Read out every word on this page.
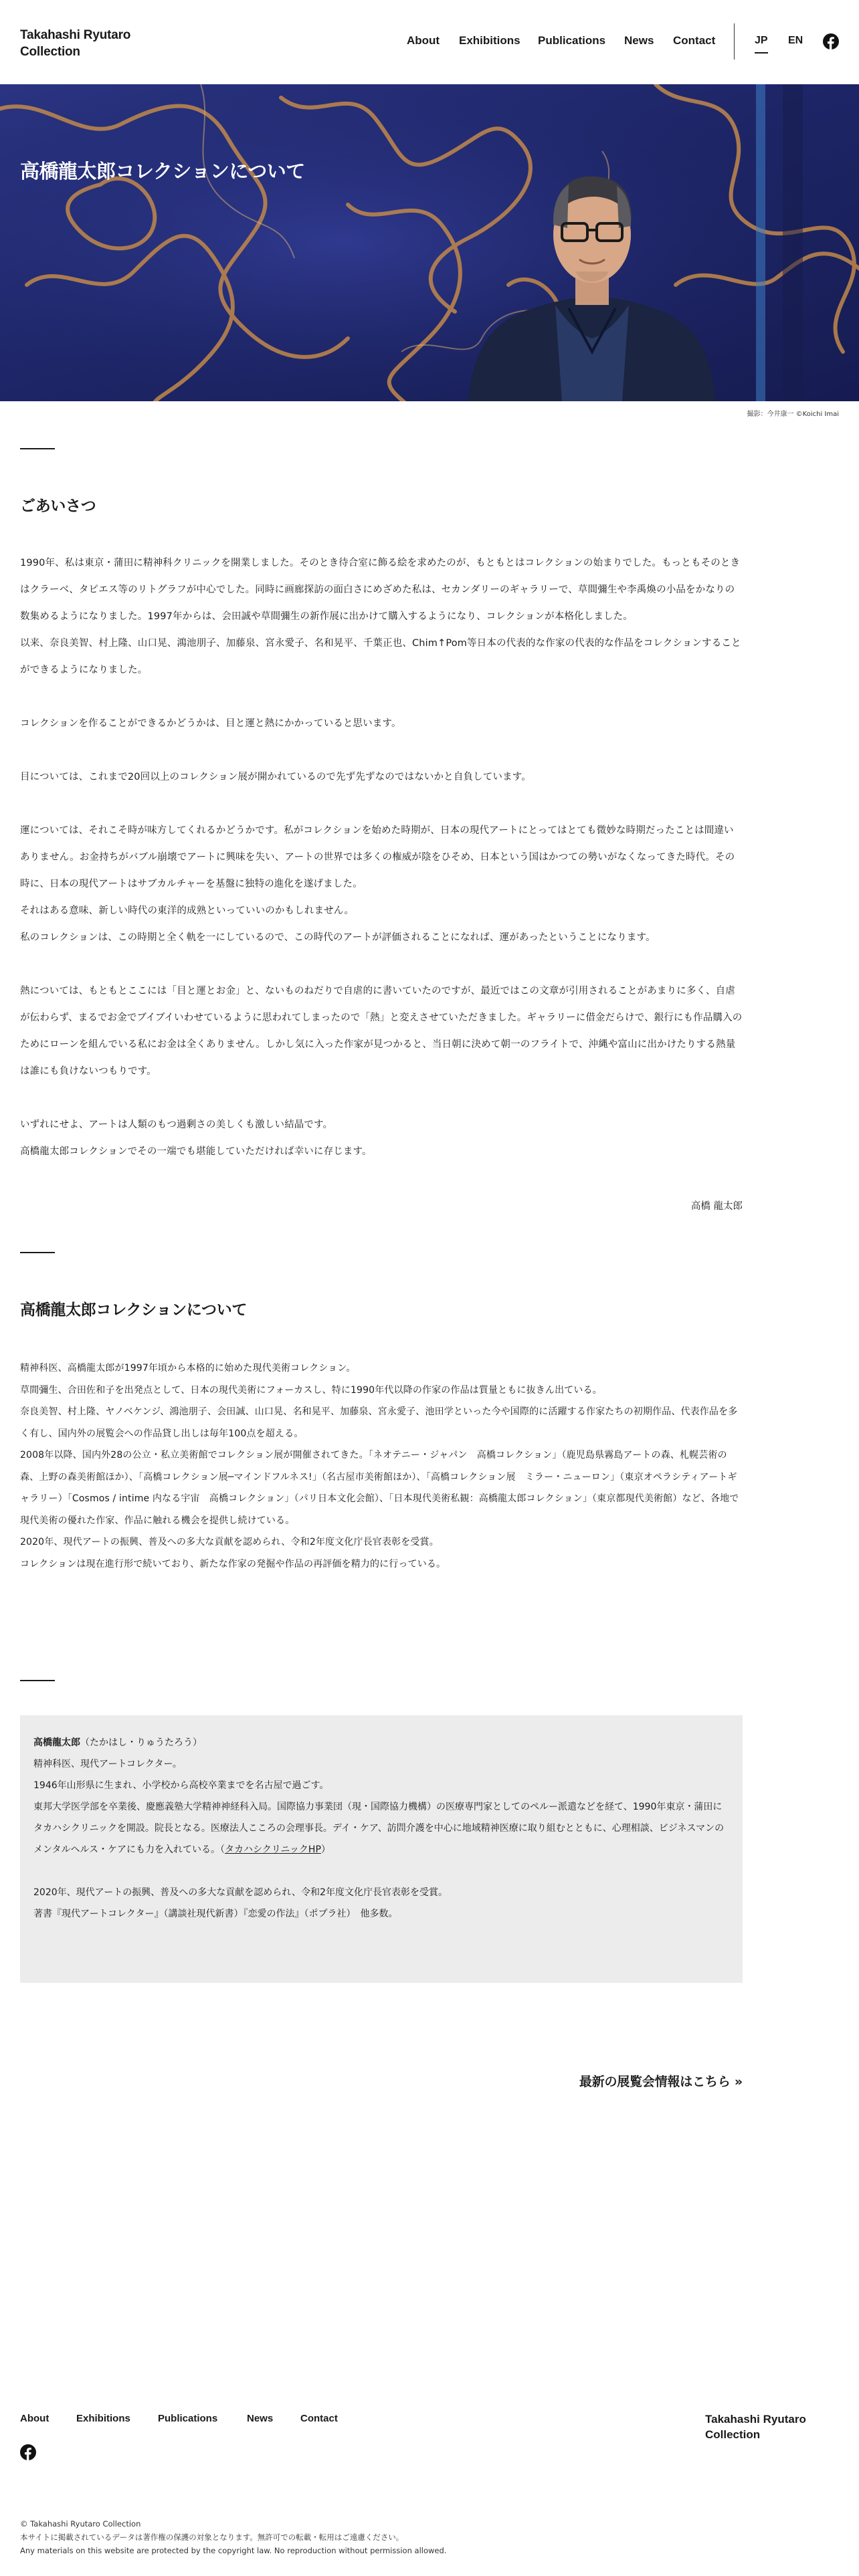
Takahashi Ryutaro
Collection
About Exhibitions Publications News Contact	JP EN
高橋龍太郎コレクションについて
撮影：今井康一 ©Koichi Imai
ごあいさつ

1990年、私は東京・蒲田に精神科クリニックを開業しました。そのとき待合室に飾る絵を求めたのが、もともとはコレクションの始まりでした。もっともそのときはクラーベ、タピエス等のリトグラフが中心でした。同時に画廊探訪の面白さにめざめた私は、セカンダリーのギャラリーで、草間彌生や李禹煥の小品をかなりの数集めるようになりました。1997年からは、会田誠や草間彌生の新作展に出かけて購入するようになり、コレクションが本格化しました。

以来、奈良美智、村上隆、山口晃、鴻池朋子、加藤泉、宮永愛子、名和晃平、千葉正也、Chim↑Pom等日本の代表的な作家の代表的な作品をコレクションすることができるようになりました。

コレクションを作ることができるかどうかは、目と運と熱にかかっていると思います。

目については、これまで20回以上のコレクション展が開かれているので先ず先ずなのではないかと自負しています。

運については、それこそ時が味方してくれるかどうかです。私がコレクションを始めた時期が、日本の現代アートにとってはとても微妙な時期だったことは間違いありません。お金持ちがバブル崩壊でアートに興味を失い、アートの世界では多くの権威が陰をひそめ、日本という国はかつての勢いがなくなってきた時代。その時に、日本の現代アートはサブカルチャーを基盤に独特の進化を遂げました。

それはある意味、新しい時代の東洋的成熟といっていいのかもしれません。

私のコレクションは、この時期と全く軌を一にしているので、この時代のアートが評価されることになれば、運があったということになります。

熱については、もともとここには「目と運とお金」と、ないものねだりで自虐的に書いていたのですが、最近ではこの文章が引用されることがあまりに多く、自虐が伝わらず、まるでお金でブイブイいわせているように思われてしまったので「熱」と変えさせていただきました。ギャラリーに借金だらけで、銀行にも作品購入のためにローンを組んでいる私にお金は全くありません。しかし気に入った作家が見つかると、当日朝に決めて朝一のフライトで、沖縄や富山に出かけたりする熱量は誰にも負けないつもりです。

いずれにせよ、アートは人類のもつ過剰さの美しくも激しい結晶です。

高橋龍太郎コレクションでその一端でも堪能していただければ幸いに存じます。

高橋 龍太郎
高橋龍太郎コレクションについて

精神科医、高橋龍太郎が1997年頃から本格的に始めた現代美術コレクション。

草間彌生、合田佐和子を出発点として、日本の現代美術にフォーカスし、特に1990年代以降の作家の作品は質量ともに抜きん出ている。

奈良美智、村上隆、ヤノベケンジ、鴻池朋子、会田誠、山口晃、名和晃平、加藤泉、宮永愛子、池田学といった今や国際的に活躍する作家たちの初期作品、代表作品を多く有し、国内外の展覧会への作品貸し出しは毎年100点を超える。

2008年以降、国内外28の公立・私立美術館でコレクション展が開催されてきた。「ネオテニー・ジャパン　高橋コレクション」（鹿児島県霧島アートの森、札幌芸術の森、上野の森美術館ほか）、「高橋コレクション展─マインドフルネス!」（名古屋市美術館ほか）、「高橋コレクション展　ミラー・ニューロン」（東京オペラシティアートギャラリー）「Cosmos / intime 内なる宇宙　高橋コレクション」（パリ日本文化会館）、「日本現代美術私観：高橋龍太郎コレクション」（東京都現代美術館）など、各地で現代美術の優れた作家、作品に触れる機会を提供し続けている。

2020年、現代アートの振興、普及への多大な貢献を認められ、令和2年度文化庁長官表彰を受賞。

コレクションは現在進行形で続いており、新たな作家の発掘や作品の再評価を精力的に行っている。

高橋龍太郎（たかはし・りゅうたろう）
精神科医、現代アートコレクター。
1946年山形県に生まれ、小学校から高校卒業までを名古屋で過ごす。
東邦大学医学部を卒業後、慶應義塾大学精神神経科入局。国際協力事業団（現・国際協力機構）の医療専門家としてのペルー派遣などを経て、1990年東京・蒲田にタカハシクリニックを開設。院長となる。医療法人こころの会理事長。デイ・ケア、訪問介護を中心に地域精神医療に取り組むとともに、心理相談、ビジネスマンのメンタルヘルス・ケアにも力を入れている。（タカハシクリニックHP）
2020年、現代アートの振興、普及への多大な貢献を認められ、令和2年度文化庁長官表彰を受賞。
著書『現代アートコレクター』（講談社現代新書）『恋愛の作法』（ポプラ社）　他多数。
最新の展覧会情報はこちら »
About	Exhibitions	Publications	News	Contact	Takahashi Ryutaro
Collection
© Takahashi Ryutaro Collection
本サイトに掲載されているデータは著作権の保護の対象となります。無許可での転載・転用はご遠慮ください。
Any materials on this website are protected by the copyright law. No reproduction without permission allowed.
